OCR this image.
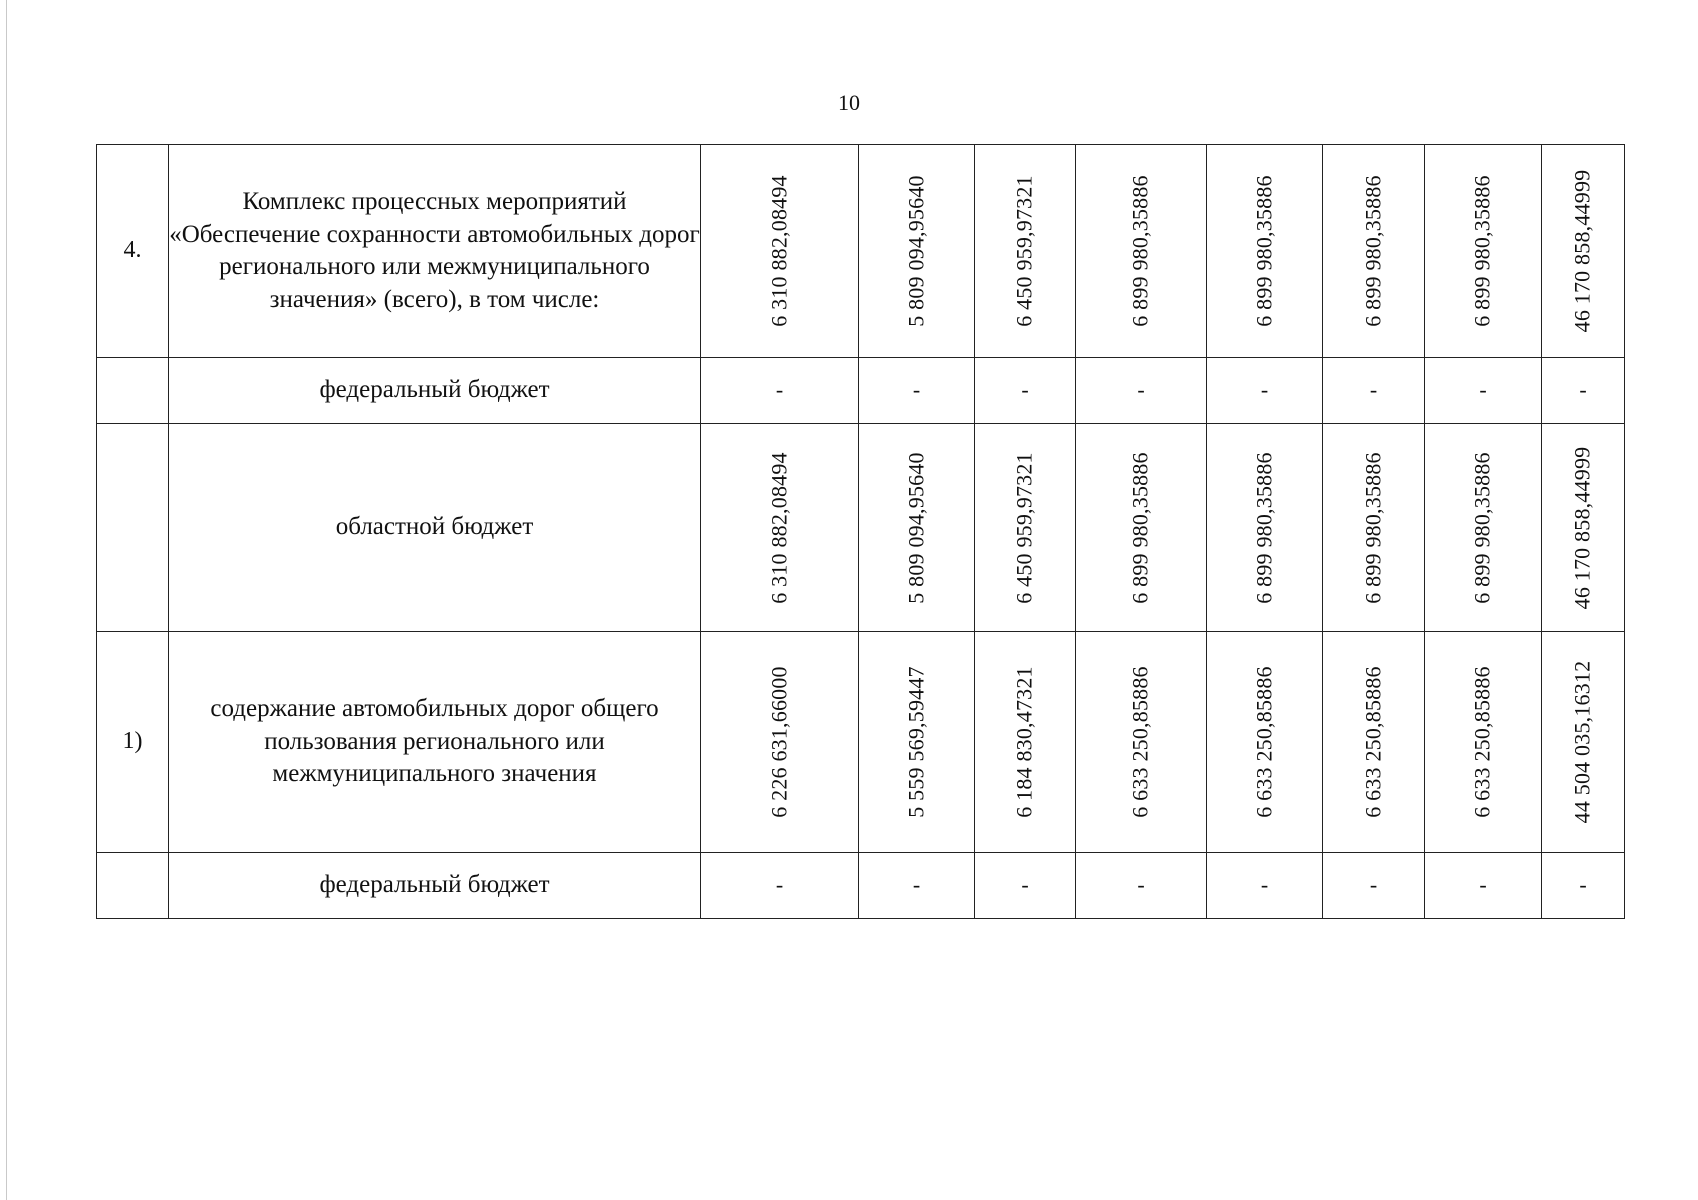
10
4.	Комплекс процессных мероприятий «Обеспечение сохранности автомобильных дорог регионального или межмуниципального значения» (всего), в том числе:	6 310 882,08494	5 809 094,95640	6 450 959,97321	6 899 980,35886	6 899 980,35886	6 899 980,35886	6 899 980,35886	46 170 858,44999

	федеральный бюджет	-	-	-	-	-	-	-	-
	областной бюджет	6 310 882,08494	5 809 094,95640	6 450 959,97321	6 899 980,35886	6 899 980,35886	6 899 980,35886	6 899 980,35886	46 170 858,44999

1)	содержание автомобильных дорог общего пользования регионального или межмуниципального значения	6 226 631,66000	5 559 569,59447	6 184 830,47321	6 633 250,85886	6 633 250,85886	6 633 250,85886	6 633 250,85886	44 504 035,16312

	федеральный бюджет	-	-	-	-	-	-	-	-
